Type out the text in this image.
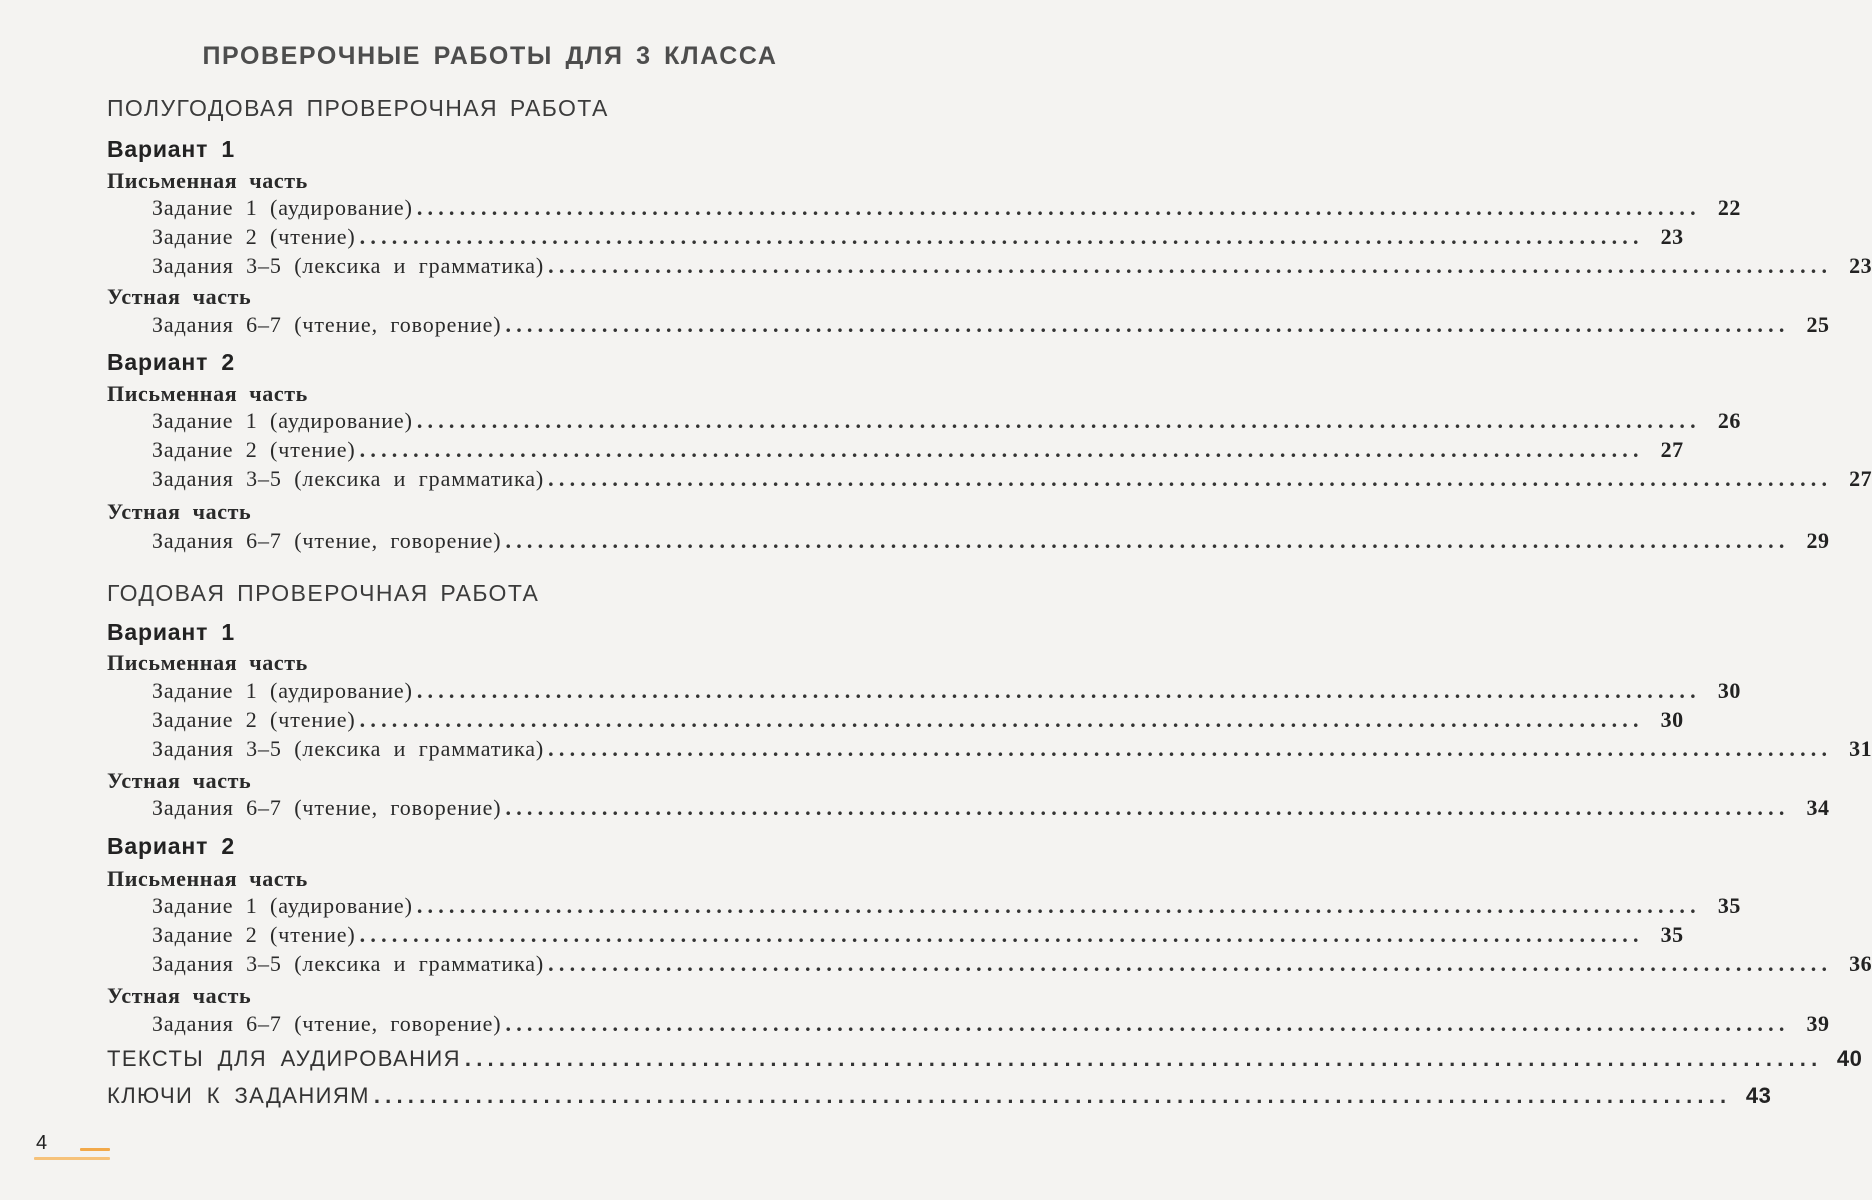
ПРОВЕРОЧНЫЕ РАБОТЫ ДЛЯ 3 КЛАССА
ПОЛУГОДОВАЯ ПРОВЕРОЧНАЯ РАБОТА
Вариант 1
Письменная часть
Задание 1 (аудирование) ........................................................................................................................ 22
Задание 2 (чтение) ........................................................................................................................ 23
Задания 3–5 (лексика и грамматика) ........................................................................................................................ 23
Устная часть
Задания 6–7 (чтение, говорение) ........................................................................................................................ 25
Вариант 2
Письменная часть
Задание 1 (аудирование) ........................................................................................................................ 26
Задание 2 (чтение) ........................................................................................................................ 27
Задания 3–5 (лексика и грамматика) ........................................................................................................................ 27
Устная часть
Задания 6–7 (чтение, говорение) ........................................................................................................................ 29
ГОДОВАЯ ПРОВЕРОЧНАЯ РАБОТА
Вариант 1
Письменная часть
Задание 1 (аудирование) ........................................................................................................................ 30
Задание 2 (чтение) ........................................................................................................................ 30
Задания 3–5 (лексика и грамматика) ........................................................................................................................ 31
Устная часть
Задания 6–7 (чтение, говорение) ........................................................................................................................ 34
Вариант 2
Письменная часть
Задание 1 (аудирование) ........................................................................................................................ 35
Задание 2 (чтение) ........................................................................................................................ 35
Задания 3–5 (лексика и грамматика) ........................................................................................................................ 36
Устная часть
Задания 6–7 (чтение, говорение) ........................................................................................................................ 39
ТЕКСТЫ ДЛЯ АУДИРОВАНИЯ ........................................................................................................................ 40
КЛЮЧИ К ЗАДАНИЯМ ........................................................................................................................ 43
4
